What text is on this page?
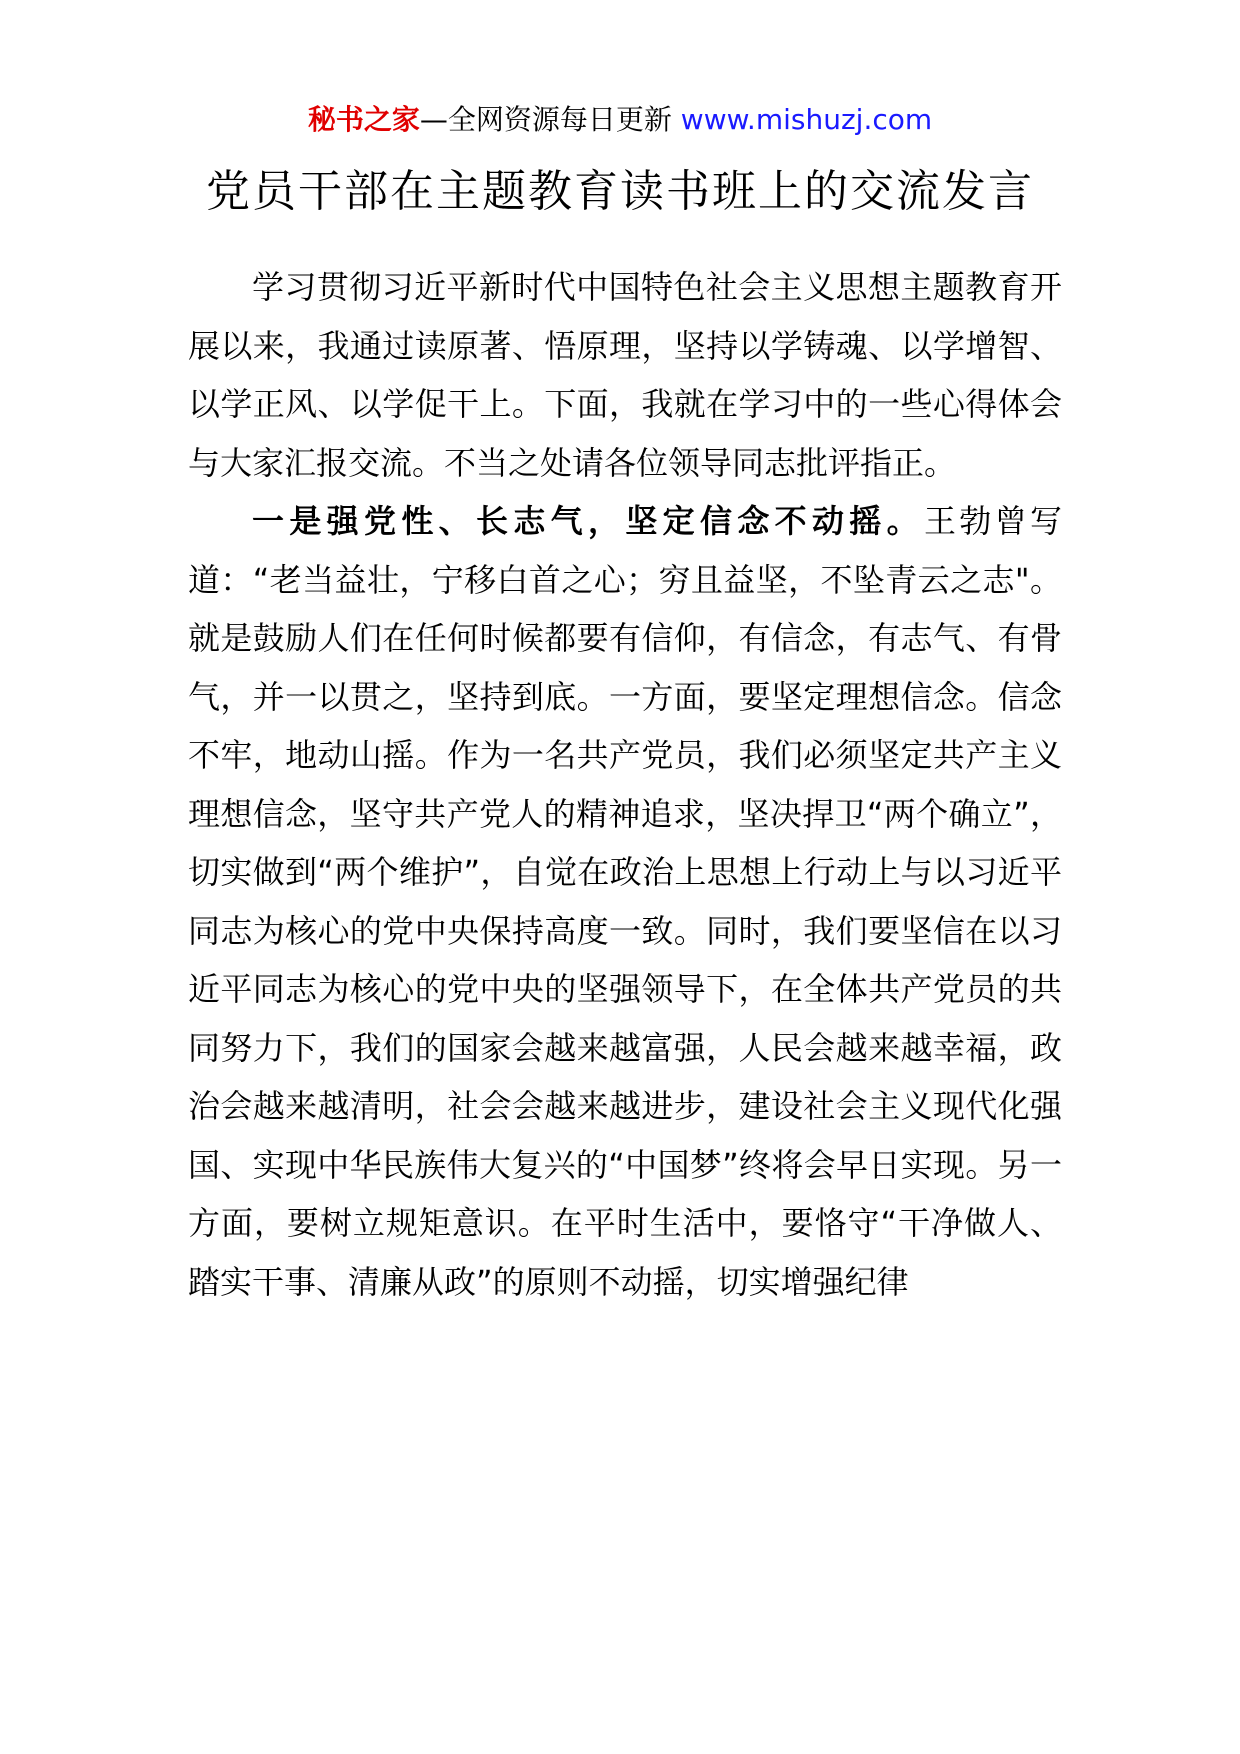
秘书之家—全网资源每日更新 www.mishuzj.com
党员干部在主题教育读书班上的交流发言

学习贯彻习近平新时代中国特色社会主义思想主题教育开展以来，我通过读原著、悟原理，坚持以学铸魂、以学增智、以学正风、以学促干上。下面，我就在学习中的一些心得体会与大家汇报交流。不当之处请各位领导同志批评指正。

一是强党性、长志气，坚定信念不动摇。王勃曾写道：“老当益壮，宁移白首之心；穷且益坚，不坠青云之志"。就是鼓励人们在任何时候都要有信仰，有信念，有志气、有骨气，并一以贯之，坚持到底。一方面，要坚定理想信念。信念不牢，地动山摇。作为一名共产党员，我们必须坚定共产主义理想信念，坚守共产党人的精神追求，坚决捍卫“两个确立”，切实做到“两个维护”，自觉在政治上思想上行动上与以习近平同志为核心的党中央保持高度一致。同时，我们要坚信在以习近平同志为核心的党中央的坚强领导下，在全体共产党员的共同努力下，我们的国家会越来越富强，人民会越来越幸福，政治会越来越清明，社会会越来越进步，建设社会主义现代化强国、实现中华民族伟大复兴的“中国梦”终将会早日实现。另一方面，要树立规矩意识。在平时生活中，要恪守“干净做人、踏实干事、清廉从政”的原则不动摇，切实增强纪律
